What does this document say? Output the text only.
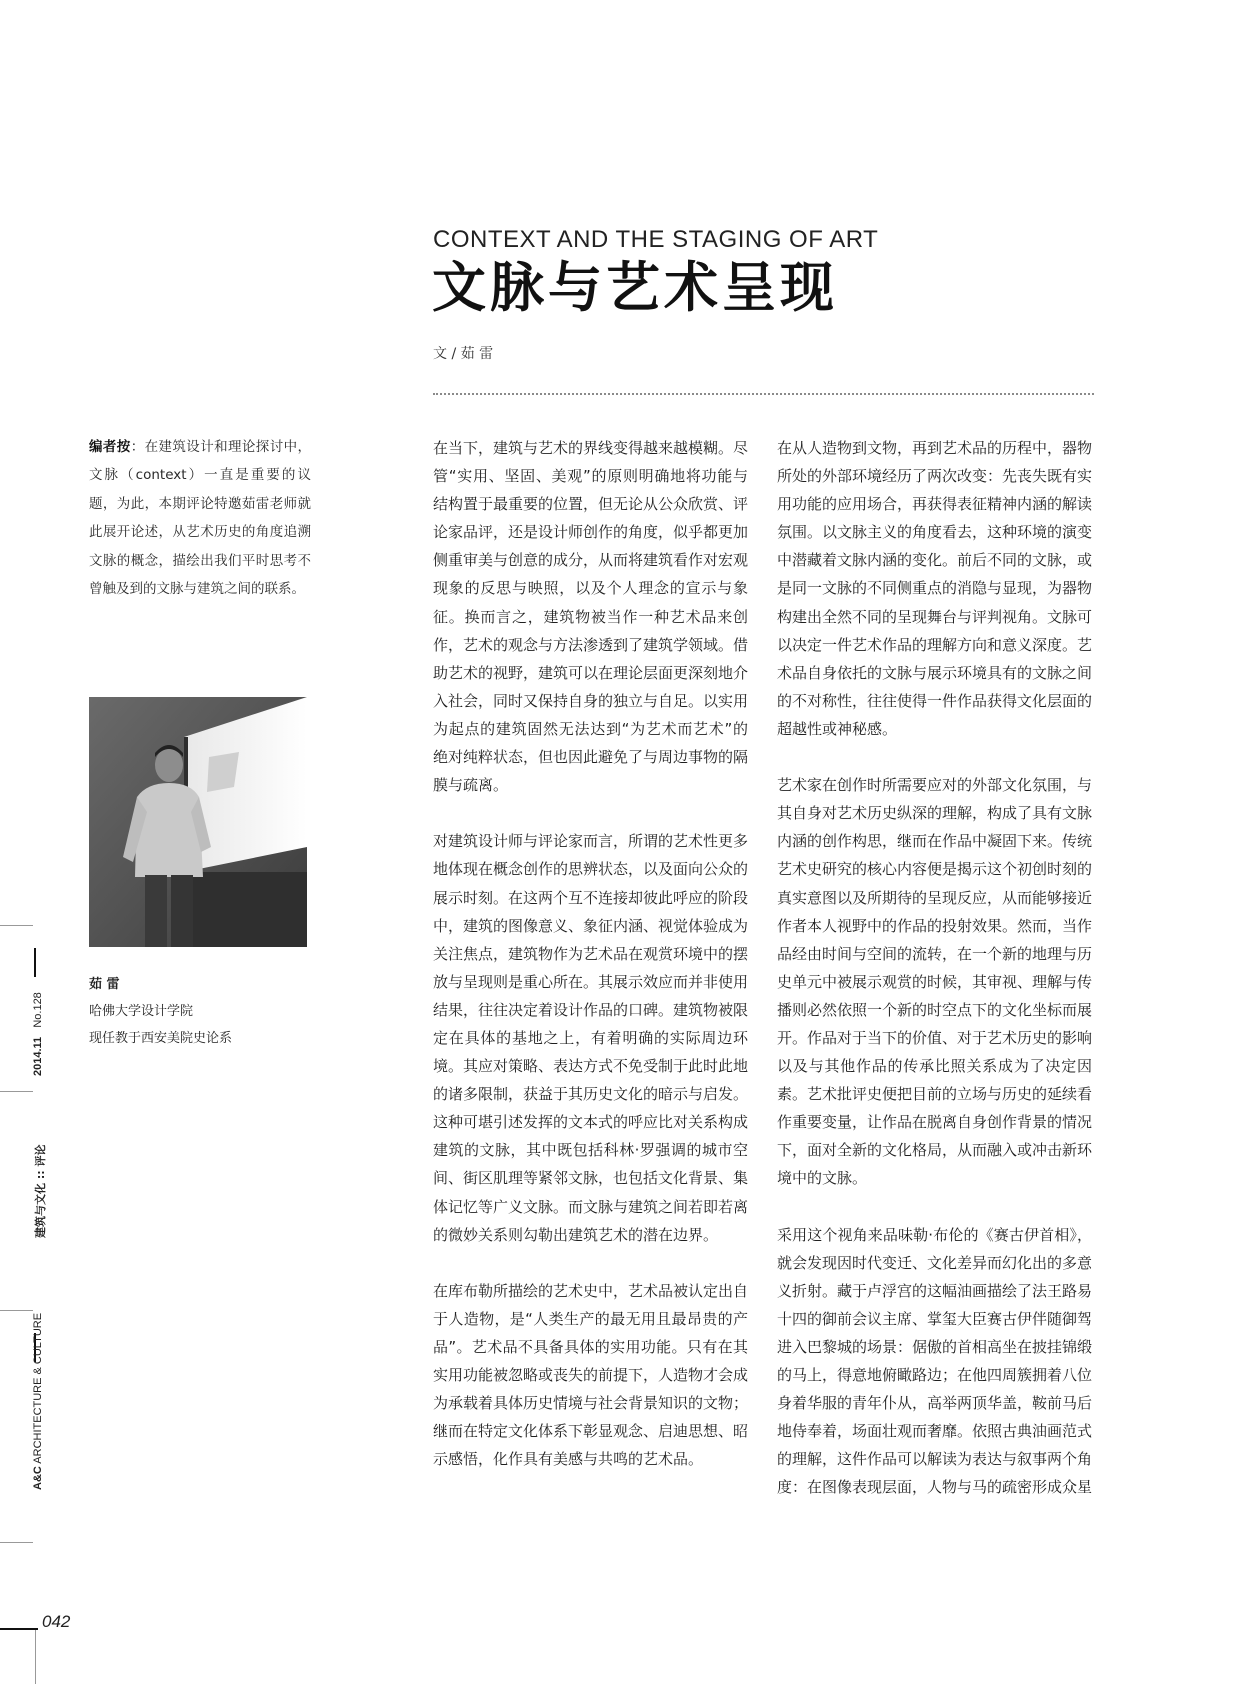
CONTEXT AND THE STAGING OF ART
文脉与艺术呈现
文 / 茹 雷
编者按：在建筑设计和理论探讨中，文脉（context）一直是重要的议题，为此，本期评论特邀茹雷老师就此展开论述，从艺术历史的角度追溯文脉的概念，描绘出我们平时思考不曾触及到的文脉与建筑之间的联系。
茹 雷
哈佛大学设计学院
现任教于西安美院史论系

在当下，建筑与艺术的界线变得越来越模糊。尽管“实用、坚固、美观”的原则明确地将功能与结构置于最重要的位置，但无论从公众欣赏、评论家品评，还是设计师创作的角度，似乎都更加侧重审美与创意的成分，从而将建筑看作对宏观现象的反思与映照，以及个人理念的宣示与象征。换而言之，建筑物被当作一种艺术品来创作，艺术的观念与方法渗透到了建筑学领域。借助艺术的视野，建筑可以在理论层面更深刻地介入社会，同时又保持自身的独立与自足。以实用为起点的建筑固然无法达到“为艺术而艺术”的绝对纯粹状态，但也因此避免了与周边事物的隔膜与疏离。

对建筑设计师与评论家而言，所谓的艺术性更多地体现在概念创作的思辨状态，以及面向公众的展示时刻。在这两个互不连接却彼此呼应的阶段中，建筑的图像意义、象征内涵、视觉体验成为关注焦点，建筑物作为艺术品在观赏环境中的摆放与呈现则是重心所在。其展示效应而并非使用结果，往往决定着设计作品的口碑。建筑物被限定在具体的基地之上，有着明确的实际周边环境。其应对策略、表达方式不免受制于此时此地的诸多限制，获益于其历史文化的暗示与启发。这种可堪引述发挥的文本式的呼应比对关系构成建筑的文脉，其中既包括科林·罗强调的城市空间、街区肌理等紧邻文脉，也包括文化背景、集体记忆等广义文脉。而文脉与建筑之间若即若离的微妙关系则勾勒出建筑艺术的潜在边界。

在库布勒所描绘的艺术史中，艺术品被认定出自于人造物，是“人类生产的最无用且最昂贵的产品”。艺术品不具备具体的实用功能。只有在其实用功能被忽略或丧失的前提下，人造物才会成为承载着具体历史情境与社会背景知识的文物；继而在特定文化体系下彰显观念、启迪思想、昭示感悟，化作具有美感与共鸣的艺术品。

在从人造物到文物，再到艺术品的历程中，器物所处的外部环境经历了两次改变：先丧失既有实用功能的应用场合，再获得表征精神内涵的解读氛围。以文脉主义的角度看去，这种环境的演变中潜藏着文脉内涵的变化。前后不同的文脉，或是同一文脉的不同侧重点的消隐与显现，为器物构建出全然不同的呈现舞台与评判视角。文脉可以决定一件艺术作品的理解方向和意义深度。艺术品自身依托的文脉与展示环境具有的文脉之间的不对称性，往往使得一件作品获得文化层面的超越性或神秘感。

艺术家在创作时所需要应对的外部文化氛围，与其自身对艺术历史纵深的理解，构成了具有文脉内涵的创作构思，继而在作品中凝固下来。传统艺术史研究的核心内容便是揭示这个初创时刻的真实意图以及所期待的呈现反应，从而能够接近作者本人视野中的作品的投射效果。然而，当作品经由时间与空间的流转，在一个新的地理与历史单元中被展示观赏的时候，其审视、理解与传播则必然依照一个新的时空点下的文化坐标而展开。作品对于当下的价值、对于艺术历史的影响以及与其他作品的传承比照关系成为了决定因素。艺术批评史便把目前的立场与历史的延续看作重要变量，让作品在脱离自身创作背景的情况下，面对全新的文化格局，从而融入或冲击新环境中的文脉。

采用这个视角来品味勒·布伦的《赛古伊首相》，就会发现因时代变迁、文化差异而幻化出的多意义折射。藏于卢浮宫的这幅油画描绘了法王路易十四的御前会议主席、掌玺大臣赛古伊伴随御驾进入巴黎城的场景：倨傲的首相高坐在披挂锦缎的马上，得意地俯瞰路边；在他四周簇拥着八位身着华服的青年仆从，高举两顶华盖，鞍前马后地侍奉着，场面壮观而奢靡。依照古典油画范式的理解，这件作品可以解读为表达与叙事两个角度：在图像表现层面，人物与马的疏密形成众星

2014.11   No.128
建筑与文化 :: 评论
A&C ARCHITECTURE & CULTURE
042
